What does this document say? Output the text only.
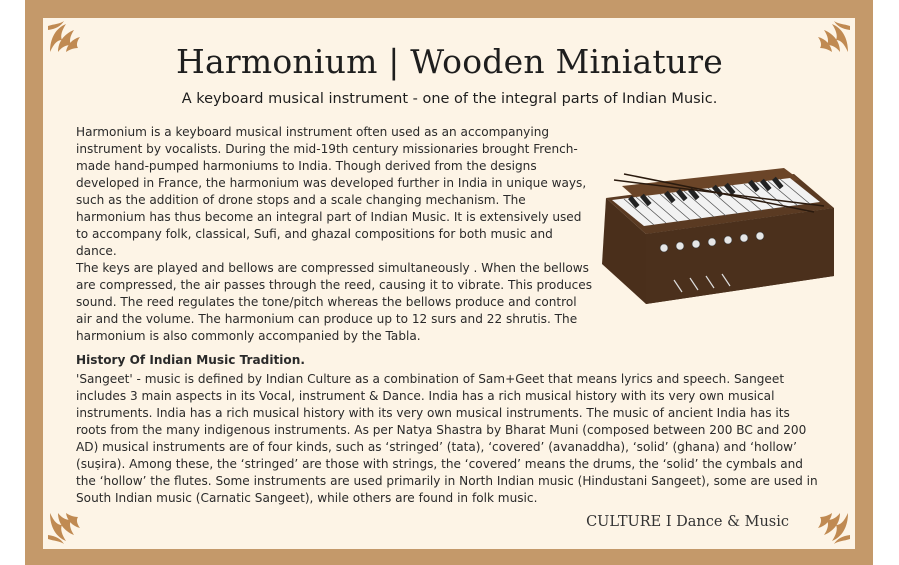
Harmonium | Wooden Miniature
A keyboard musical instrument - one of the integral parts of Indian Music.

Harmonium is a keyboard musical instrument often used as an accompanying instrument by vocalists. During the mid-19th century missionaries brought French-made hand-pumped harmoniums to India. Though derived from the designs developed in France, the harmonium was developed further in India in unique ways, such as the addition of drone stops and a scale changing mechanism. The harmonium has thus become an integral part of Indian Music. It is extensively used to accompany folk, classical, Sufi, and ghazal compositions for both music and dance.

The keys are played and bellows are compressed simultaneously . When the bellows are compressed, the air passes through the reed, causing it to vibrate. This produces sound. The reed regulates the tone/pitch whereas the bellows produce and control air and the volume. The harmonium can produce up to 12 surs and 22 shrutis. The harmonium is also commonly accompanied by the Tabla.

History Of Indian Music Tradition.

'Sangeet' - music is defined by Indian Culture as a combination of Sam+Geet that means lyrics and speech. Sangeet includes 3 main aspects in its Vocal, instrument & Dance. India has a rich musical history with its very own musical instruments. India has a rich musical history with its very own musical instruments. The music of ancient India has its roots from the many indigenous instruments. As per Natya Shastra by Bharat Muni (composed between 200 BC and 200 AD) musical instruments are of four kinds, such as ‘stringed’ (tata), ‘covered’ (avanaddha), ‘solid’ (ghana) and ‘hollow’ (suṣira). Among these, the ‘stringed’ are those with strings, the ‘covered’ means the drums, the ‘solid’ the cymbals and the ‘hollow’ the flutes. Some instruments are used primarily in North Indian music (Hindustani Sangeet), some are used in South Indian music (Carnatic Sangeet), while others are found in folk music.

CULTURE I Dance & Music
